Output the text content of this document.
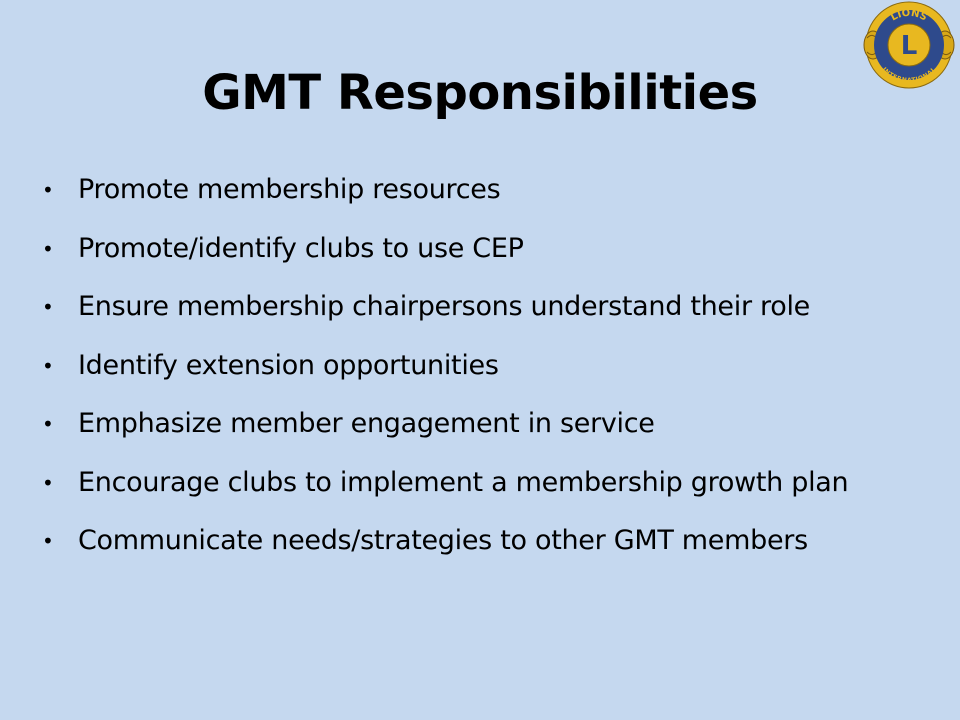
LIONS
INTERNATIONAL
L
GMT Responsibilities
• Promote membership resources
• Promote/identify clubs to use CEP
• Ensure membership chairpersons understand their role
• Identify extension opportunities
• Emphasize member engagement in service
• Encourage clubs to implement a membership growth plan
• Communicate needs/strategies to other GMT members
